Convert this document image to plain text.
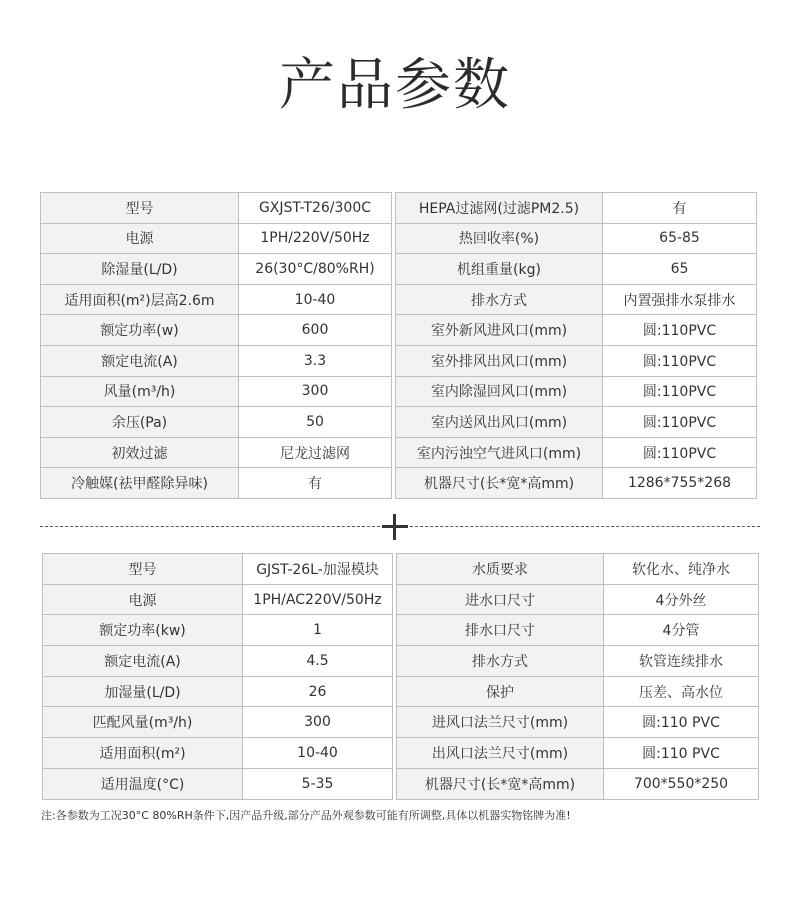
产品参数
型号	GXJST-T26/300C		HEPA过滤网(过滤PM2.5)	有
电源	1PH/220V/50Hz		热回收率(%)	65-85
除湿量(L/D)	26(30°C/80%RH)		机组重量(kg)	65
适用面积(m²)层高2.6m	10-40		排水方式	内置强排水泵排水
额定功率(w)	600		室外新风进风口(mm)	圆:110PVC
额定电流(A)	3.3		室外排风出风口(mm)	圆:110PVC
风量(m³/h)	300		室内除湿回风口(mm)	圆:110PVC
余压(Pa)	50		室内送风出风口(mm)	圆:110PVC
初效过滤	尼龙过滤网		室内污浊空气进风口(mm)	圆:110PVC
冷触媒(祛甲醛除异味)	有		机器尺寸(长*宽*高mm)	1286*755*268
型号	GJST-26L-加湿模块		水质要求	软化水、纯净水
电源	1PH/AC220V/50Hz		进水口尺寸	4分外丝
额定功率(kw)	1		排水口尺寸	4分管
额定电流(A)	4.5		排水方式	软管连续排水
加湿量(L/D)	26		保护	压差、高水位
匹配风量(m³/h)	300		进风口法兰尺寸(mm)	圆:110 PVC
适用面积(m²)	10-40		出风口法兰尺寸(mm)	圆:110 PVC
适用温度(°C)	5-35		机器尺寸(长*宽*高mm)	700*550*250
注:各参数为工况30°C 80%RH条件下,因产品升级,部分产品外观参数可能有所调整,具体以机器实物铭牌为准!
